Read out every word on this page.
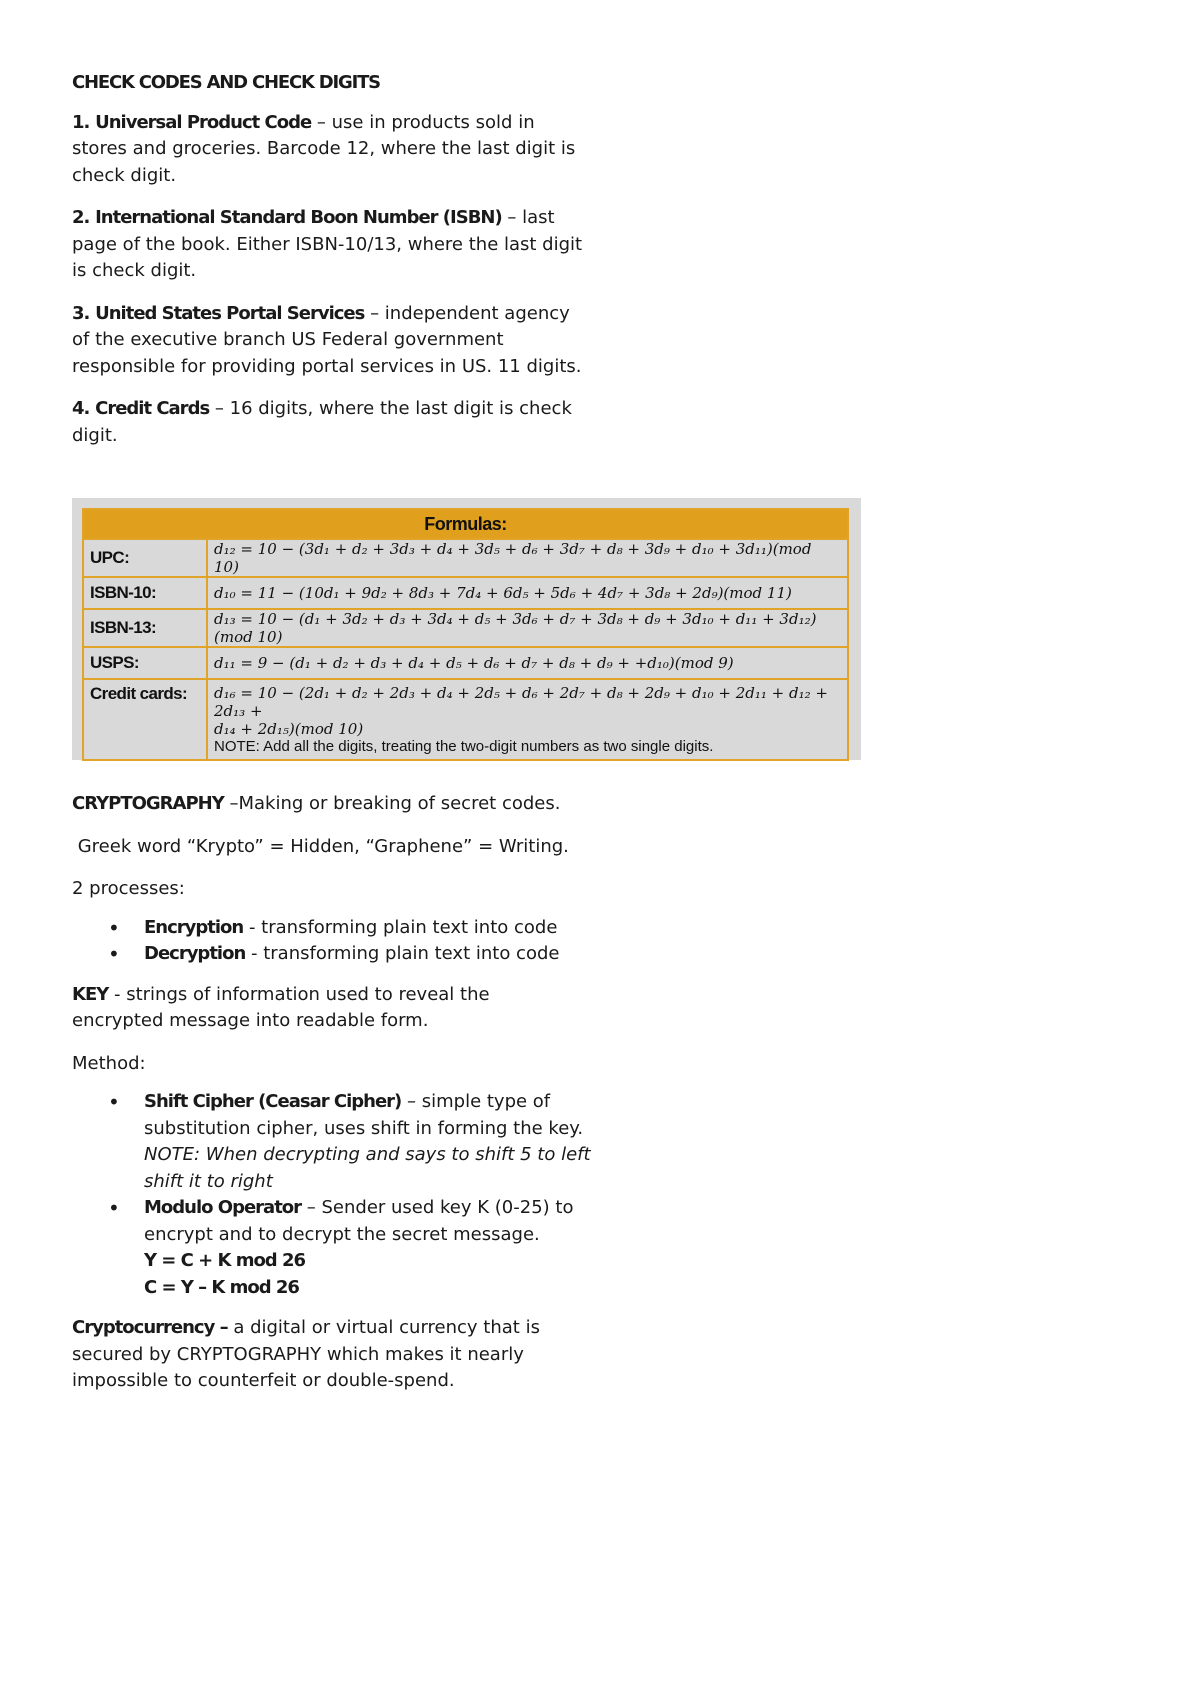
CHECK CODES AND CHECK DIGITS

1. Universal Product Code – use in products sold in stores and groceries. Barcode 12, where the last digit is check digit.

2. International Standard Boon Number (ISBN) – last page of the book. Either ISBN-10/13, where the last digit is check digit.

3. United States Portal Services – independent agency of the executive branch US Federal government responsible for providing portal services in US. 11 digits.

4. Credit Cards – 16 digits, where the last digit is check digit.

Formulas:	
UPC:	d₁₂ = 10 − (3d₁ + d₂ + 3d₃ + d₄ + 3d₅ + d₆ + 3d₇ + d₈ + 3d₉ + d₁₀ + 3d₁₁)(mod 10)
ISBN-10:	d₁₀ = 11 − (10d₁ + 9d₂ + 8d₃ + 7d₄ + 6d₅ + 5d₆ + 4d₇ + 3d₈ + 2d₉)(mod 11)
ISBN-13:	d₁₃ = 10 − (d₁ + 3d₂ + d₃ + 3d₄ + d₅ + 3d₆ + d₇ + 3d₈ + d₉ + 3d₁₀ + d₁₁ + 3d₁₂)(mod 10)
USPS:	d₁₁ = 9 − (d₁ + d₂ + d₃ + d₄ + d₅ + d₆ + d₇ + d₈ + d₉ + +d₁₀)(mod 9)
Credit cards:	d₁₆ = 10 − (2d₁ + d₂ + 2d₃ + d₄ + 2d₅ + d₆ + 2d₇ + d₈ + 2d₉ + d₁₀ + 2d₁₁ + d₁₂ + 2d₁₃ +
d₁₄ + 2d₁₅)(mod 10)
NOTE: Add all the digits, treating the two-digit numbers as two single digits.

CRYPTOGRAPHY –Making or breaking of secret codes.

Greek word “Krypto” = Hidden, “Graphene” = Writing.

2 processes:

• Encryption - transforming plain text into code
• Decryption - transforming plain text into code

KEY - strings of information used to reveal the encrypted message into readable form.

Method:

• Shift Cipher (Ceasar Cipher) – simple type of substitution cipher, uses shift in forming the key.
NOTE: When decrypting and says to shift 5 to left shift it to right
• Modulo Operator – Sender used key K (0-25) to encrypt and to decrypt the secret message.
Y = C + K mod 26
C = Y – K mod 26

Cryptocurrency – a digital or virtual currency that is secured by CRYPTOGRAPHY which makes it nearly impossible to counterfeit or double-spend.
